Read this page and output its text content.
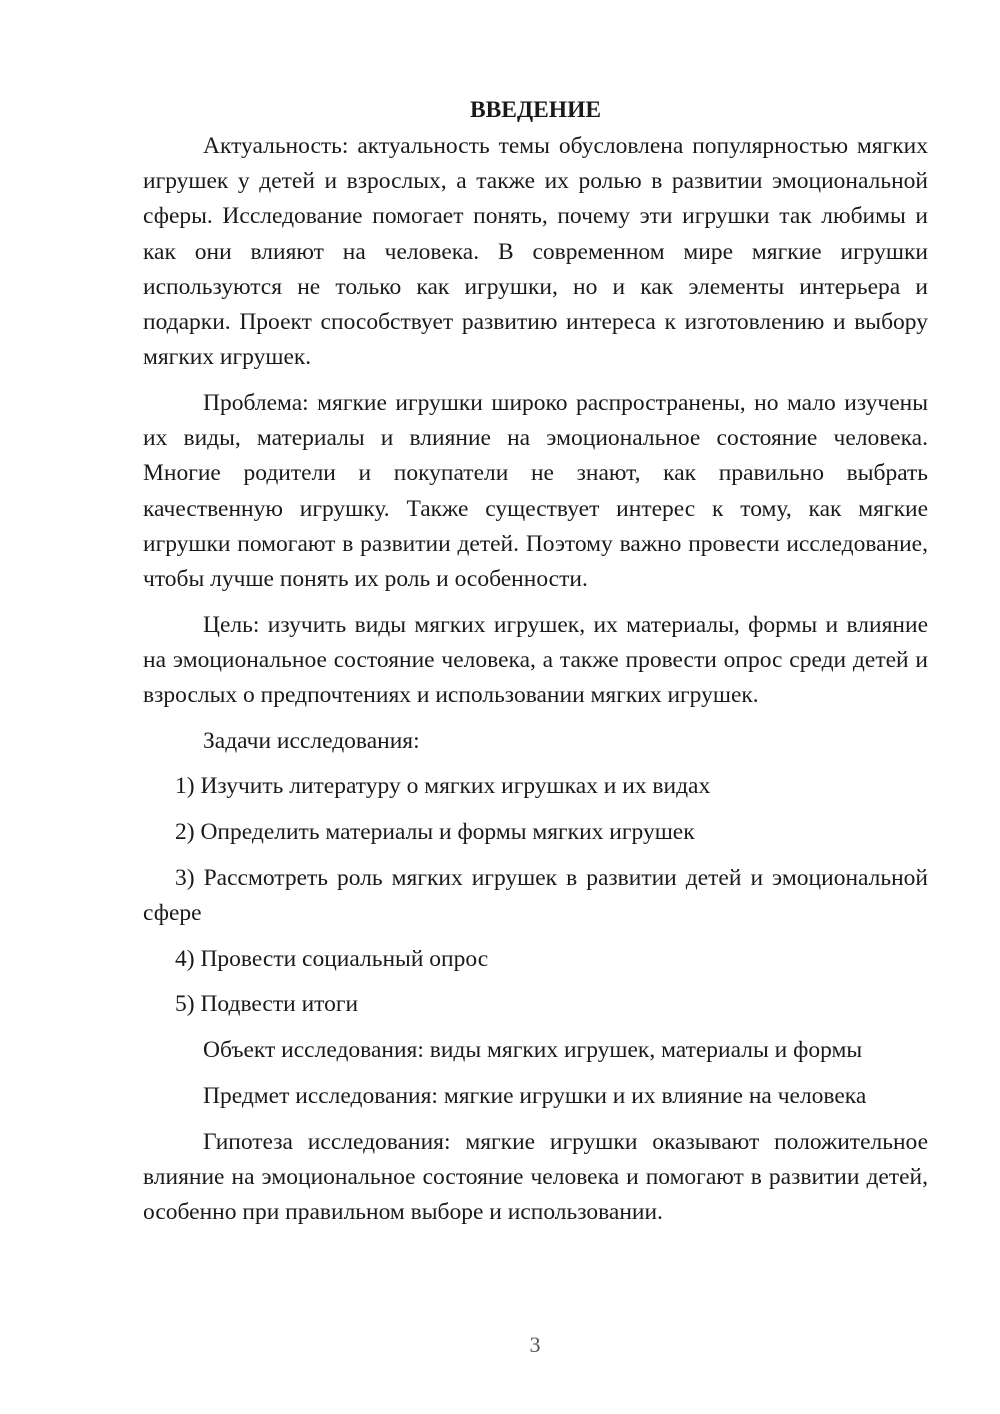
ВВЕДЕНИЕ

Актуальность: актуальность темы обусловлена популярностью мягких игрушек у детей и взрослых, а также их ролью в развитии эмоциональной сферы. Исследование помогает понять, почему эти игрушки так любимы и как они влияют на человека. В современном мире мягкие игрушки используются не только как игрушки, но и как элементы интерьера и подарки. Проект способствует развитию интереса к изготовлению и выбору мягких игрушек.

Проблема: мягкие игрушки широко распространены, но мало изучены их виды, материалы и влияние на эмоциональное состояние человека. Многие родители и покупатели не знают, как правильно выбрать качественную игрушку. Также существует интерес к тому, как мягкие игрушки помогают в развитии детей. Поэтому важно провести исследование, чтобы лучше понять их роль и особенности.

Цель: изучить виды мягких игрушек, их материалы, формы и влияние на эмоциональное состояние человека, а также провести опрос среди детей и взрослых о предпочтениях и использовании мягких игрушек.

Задачи исследования:

1) Изучить литературу о мягких игрушках и их видах

2) Определить материалы и формы мягких игрушек

3) Рассмотреть роль мягких игрушек в развитии детей и эмоциональной сфере

4) Провести социальный опрос

5) Подвести итоги

Объект исследования: виды мягких игрушек, материалы и формы

Предмет исследования: мягкие игрушки и их влияние на человека

Гипотеза исследования: мягкие игрушки оказывают положительное влияние на эмоциональное состояние человека и помогают в развитии детей, особенно при правильном выборе и использовании.

3
